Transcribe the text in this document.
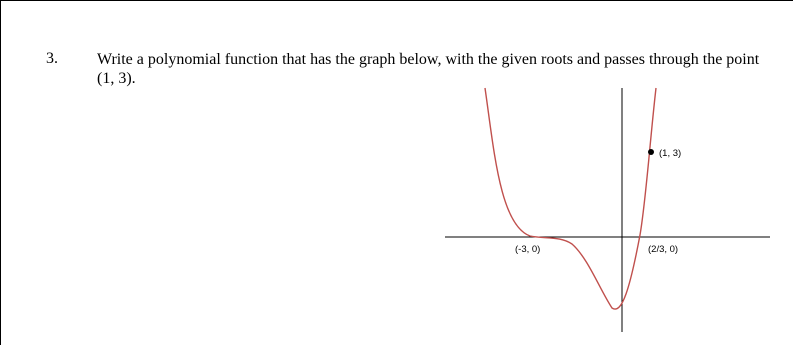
3. Write a polynomial function that has the graph below, with the given roots and passes through the point
(1, 3).
(1, 3)
(-3, 0)	(2/3, 0)
